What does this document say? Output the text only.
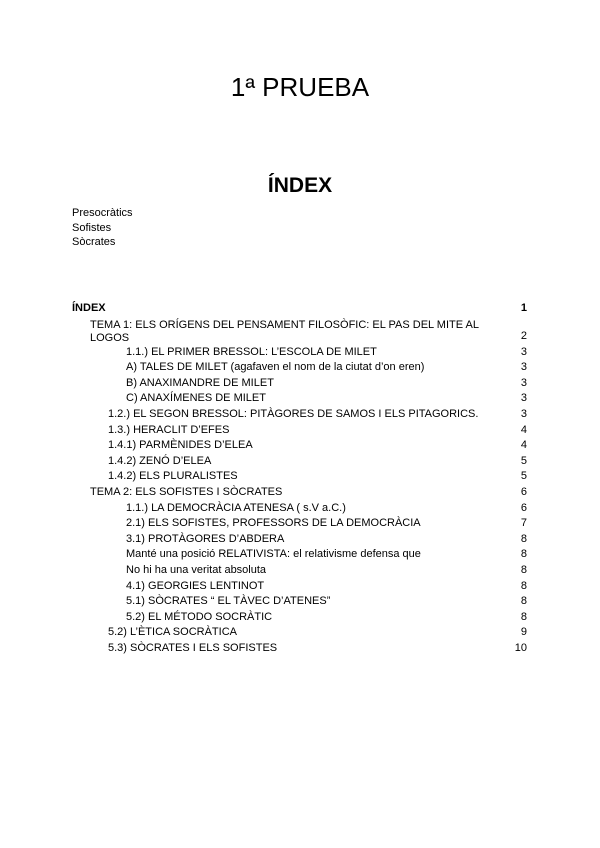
1ª PRUEBA
ÍNDEX
Presocràtics
Sofistes
Sòcrates
ÍNDEX	1
TEMA 1: ELS ORÍGENS DEL PENSAMENT FILOSÒFIC: EL PAS DEL MITE AL LOGOS	2
1.1.) EL PRIMER BRESSOL: L’ESCOLA DE MILET	3
A) TALES DE MILET (agafaven el nom de la ciutat d’on eren)	3
B) ANAXIMANDRE DE MILET	3
C) ANAXÍMENES DE MILET	3
1.2.) EL SEGON BRESSOL: PITÀGORES DE SAMOS I ELS PITAGORICS.	3
1.3.) HERACLIT D’EFES	4
1.4.1) PARMÈNIDES D’ELEA	4
1.4.2) ZENÓ D’ELEA	5
1.4.2) ELS PLURALISTES	5
TEMA 2: ELS SOFISTES I SÒCRATES	6
1.1.) LA DEMOCRÀCIA ATENESA ( s.V a.C.)	6
2.1) ELS SOFISTES, PROFESSORS DE LA DEMOCRÀCIA	7
3.1) PROTÀGORES D’ABDERA	8
Manté una posició RELATIVISTA: el relativisme defensa que	8
No hi ha una veritat absoluta	8
4.1) GEORGIES LENTINOT	8
5.1) SÒCRATES “ EL TÀVEC D’ATENES”	8
5.2) EL MÉTODO SOCRÀTIC	8
5.2) L’ÈTICA SOCRÀTICA	9
5.3) SÒCRATES I ELS SOFISTES	10
